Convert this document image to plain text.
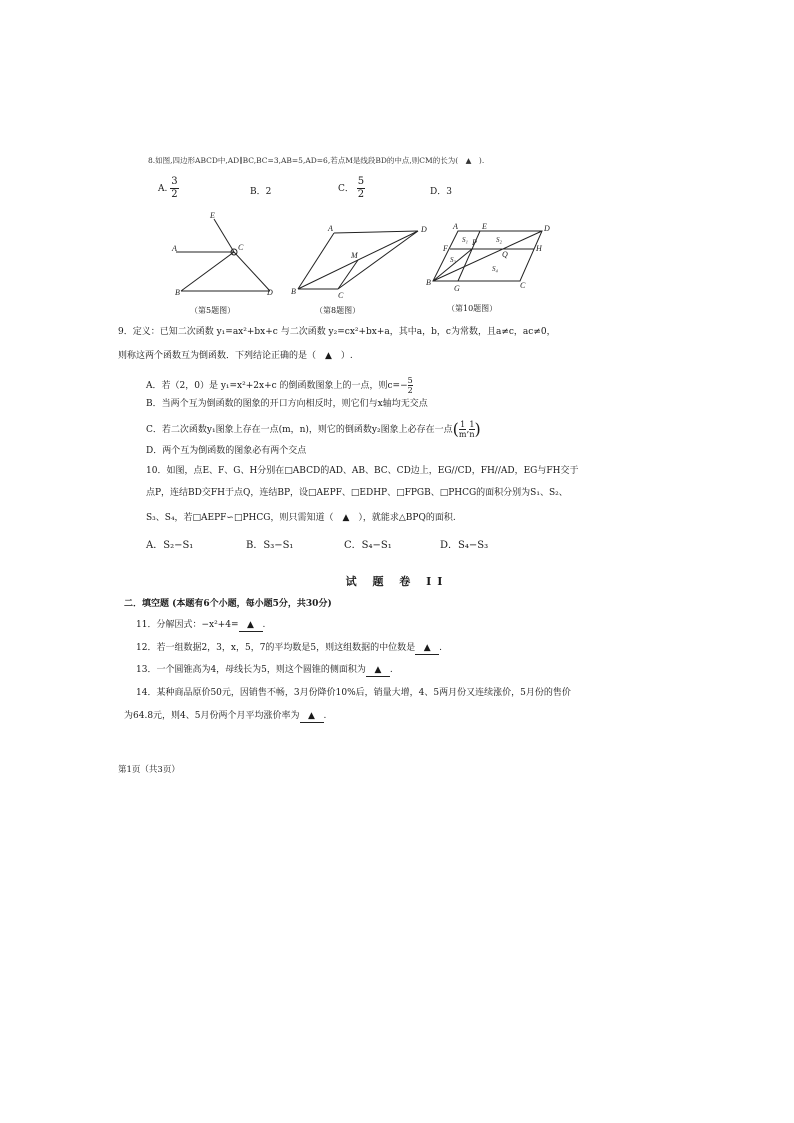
8.如图,四边形ABCD中,AD∥BC,BC=3,AB=5,AD=6,若点M是线段BD的中点,则CM的长为(　▲　).
A. $\frac{3}{2}$	B．2	C． $\frac{5}{2}$	D．3
E
A	C
B	D
A	D
M
B	C
A	E	D
F
P
H
Q
B
G	C
S₁	S₂
S₃
S₄
（第5题图）	（第8题图）	（第10题图）
9．定义：已知二次函数 y₁=ax²+bx+c 与二次函数 y₂=cx²+bx+a，其中a，b，c为常数，且a≠c，ac≠0，
则称这两个函数互为倒函数．下列结论正确的是（　▲　）.
A．若（2，0）是 y₁=x²+2x+c 的倒函数图象上的一点，则$c=- \frac{5}{2}$
B．当两个互为倒函数的图象的开口方向相反时，则它们与x轴均无交点
C．若二次函数y₁图象上存在一点(m，n)，则它的倒函数y₂图象上必存在一点( $\frac{1}{m}$, $\frac{1}{n}$)
D．两个互为倒函数的图象必有两个交点
10．如图，点E、F、G、H分别在□ABCD的AD、AB、BC、CD边上，EG//CD，FH//AD，EG与FH交于
点P，连结BD交FH于点Q，连结BP，设□AEPF、□EDHP、□FPGB、□PHCG的面积分别为S₁、S₂、
S₃、S₄，若□AEPF∽□PHCG，则只需知道（　▲　），就能求△BPQ的面积.
A．S₂−S₁	B．S₃−S₁	C．S₄−S₁	D．S₄−S₃
试 题 卷 II
二．填空题 (本题有6个小题，每小题5分，共30分)
11．分解因式：−x²+4= ▲ .
12．若一组数据2，3，x，5，7的平均数是5，则这组数据的中位数是 ▲ .
13．一个圆锥高为4，母线长为5，则这个圆锥的侧面积为 ▲ .
14．某种商品原价50元，因销售不畅，3月份降价10%后，销量大增，4、5两月份又连续涨价，5月份的售价
为64.8元，则4、5月份两个月平均涨价率为 ▲ .
第1页（共3页）
